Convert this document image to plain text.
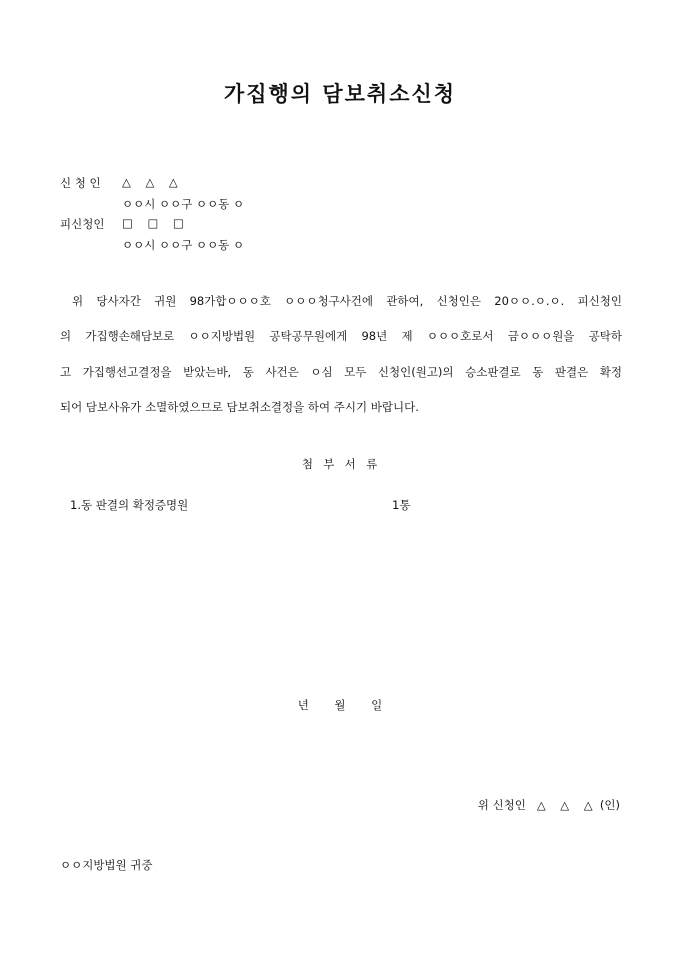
가집행의 담보취소신청
신 청 인 △    △    △
ㅇㅇ시 ㅇㅇ구 ㅇㅇ동 ㅇ
피신청인 □    □    □
ㅇㅇ시 ㅇㅇ구 ㅇㅇ동 ㅇ
위 당사자간 귀원 98가합ㅇㅇㅇ호 ㅇㅇㅇ청구사건에 관하여, 신청인은 20ㅇㅇ.ㅇ.ㅇ. 피신청인
의 가집행손해담보로 ㅇㅇ지방법원 공탁공무원에게 98년 제 ㅇㅇㅇ호로서 금ㅇㅇㅇ원을 공탁하
고 가집행선고결정을 받았는바, 동 사건은 ㅇ심 모두 신청인(원고)의 승소판결로 동 판결은 확정
되어 담보사유가 소멸하였으므로 담보취소결정을 하여 주시기 바랍니다.
첨  부  서  류
1.동 판결의 확정증명원	1통
년       월       일
위 신청인   △    △    △  (인)
ㅇㅇ지방법원 귀중
